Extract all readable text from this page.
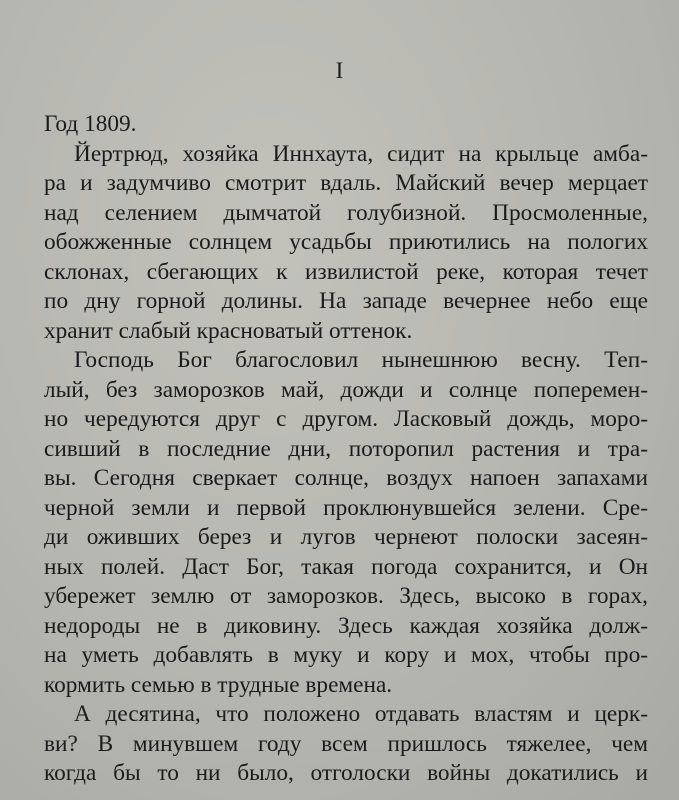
I
Год 1809.
Йертрюд, хозяйка Иннхаута, сидит на крыльце амба-
ра и задумчиво смотрит вдаль. Майский вечер мерцает
над селением дымчатой голубизной. Просмоленные,
обожженные солнцем усадьбы приютились на пологих
склонах, сбегающих к извилистой реке, которая течет
по дну горной долины. На западе вечернее небо еще
хранит слабый красноватый оттенок.
Господь Бог благословил нынешнюю весну. Теп-
лый, без заморозков май, дожди и солнце поперемен-
но чередуются друг с другом. Ласковый дождь, моро-
сивший в последние дни, поторопил растения и тра-
вы. Сегодня сверкает солнце, воздух напоен запахами
черной земли и первой проклюнувшейся зелени. Сре-
ди оживших берез и лугов чернеют полоски засеян-
ных полей. Даст Бог, такая погода сохранится, и Он
убережет землю от заморозков. Здесь, высоко в горах,
недороды не в диковину. Здесь каждая хозяйка долж-
на уметь добавлять в муку и кору и мох, чтобы про-
кормить семью в трудные времена.
А десятина, что положено отдавать властям и церк-
ви? В минувшем году всем пришлось тяжелее, чем
когда бы то ни было, отголоски войны докатились и
